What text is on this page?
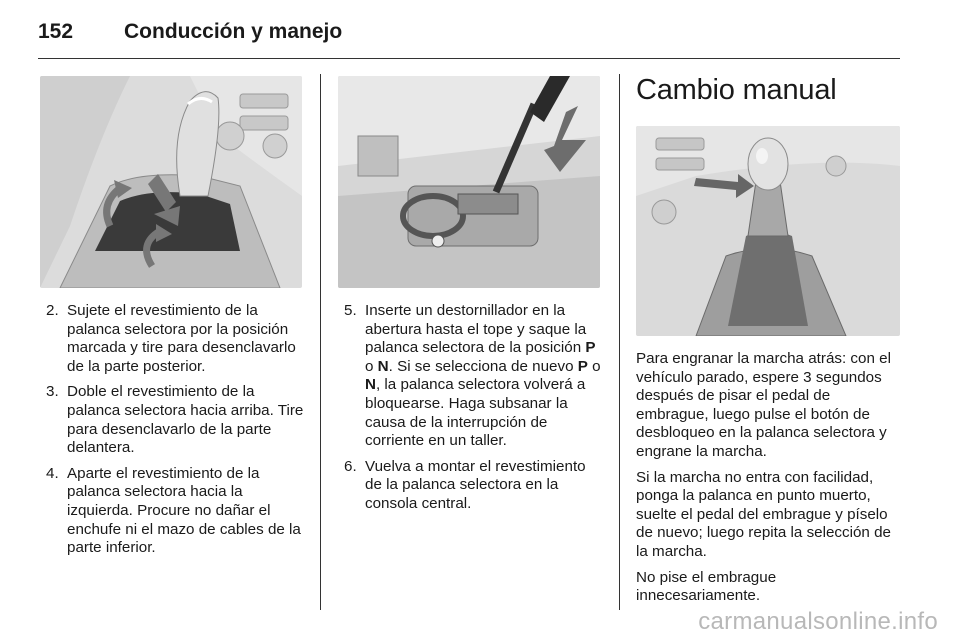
152 Conducción y manejo
2. Sujete el revestimiento de la palanca selectora por la posición marcada y tire para desenclavarlo de la parte posterior.
3. Doble el revestimiento de la palanca selectora hacia arriba. Tire para desenclavarlo de la parte delantera.
4. Aparte el revestimiento de la palanca selectora hacia la izquierda. Procure no dañar el enchufe ni el mazo de cables de la parte inferior.
5. Inserte un destornillador en la abertura hasta el tope y saque la palanca selectora de la posición P o N. Si se selecciona de nuevo P o N, la palanca selectora volverá a bloquearse. Haga subsanar la causa de la interrupción de corriente en un taller.
6. Vuelva a montar el revestimiento de la palanca selectora en la consola central.
Cambio manual

Para engranar la marcha atrás: con el vehículo parado, espere 3 segundos después de pisar el pedal de embrague, luego pulse el botón de desbloqueo en la palanca selectora y engrane la marcha.

Si la marcha no entra con facilidad, ponga la palanca en punto muerto, suelte el pedal del embrague y píselo de nuevo; luego repita la selección de la marcha.

No pise el embrague innecesariamente.

carmanualsonline.info
